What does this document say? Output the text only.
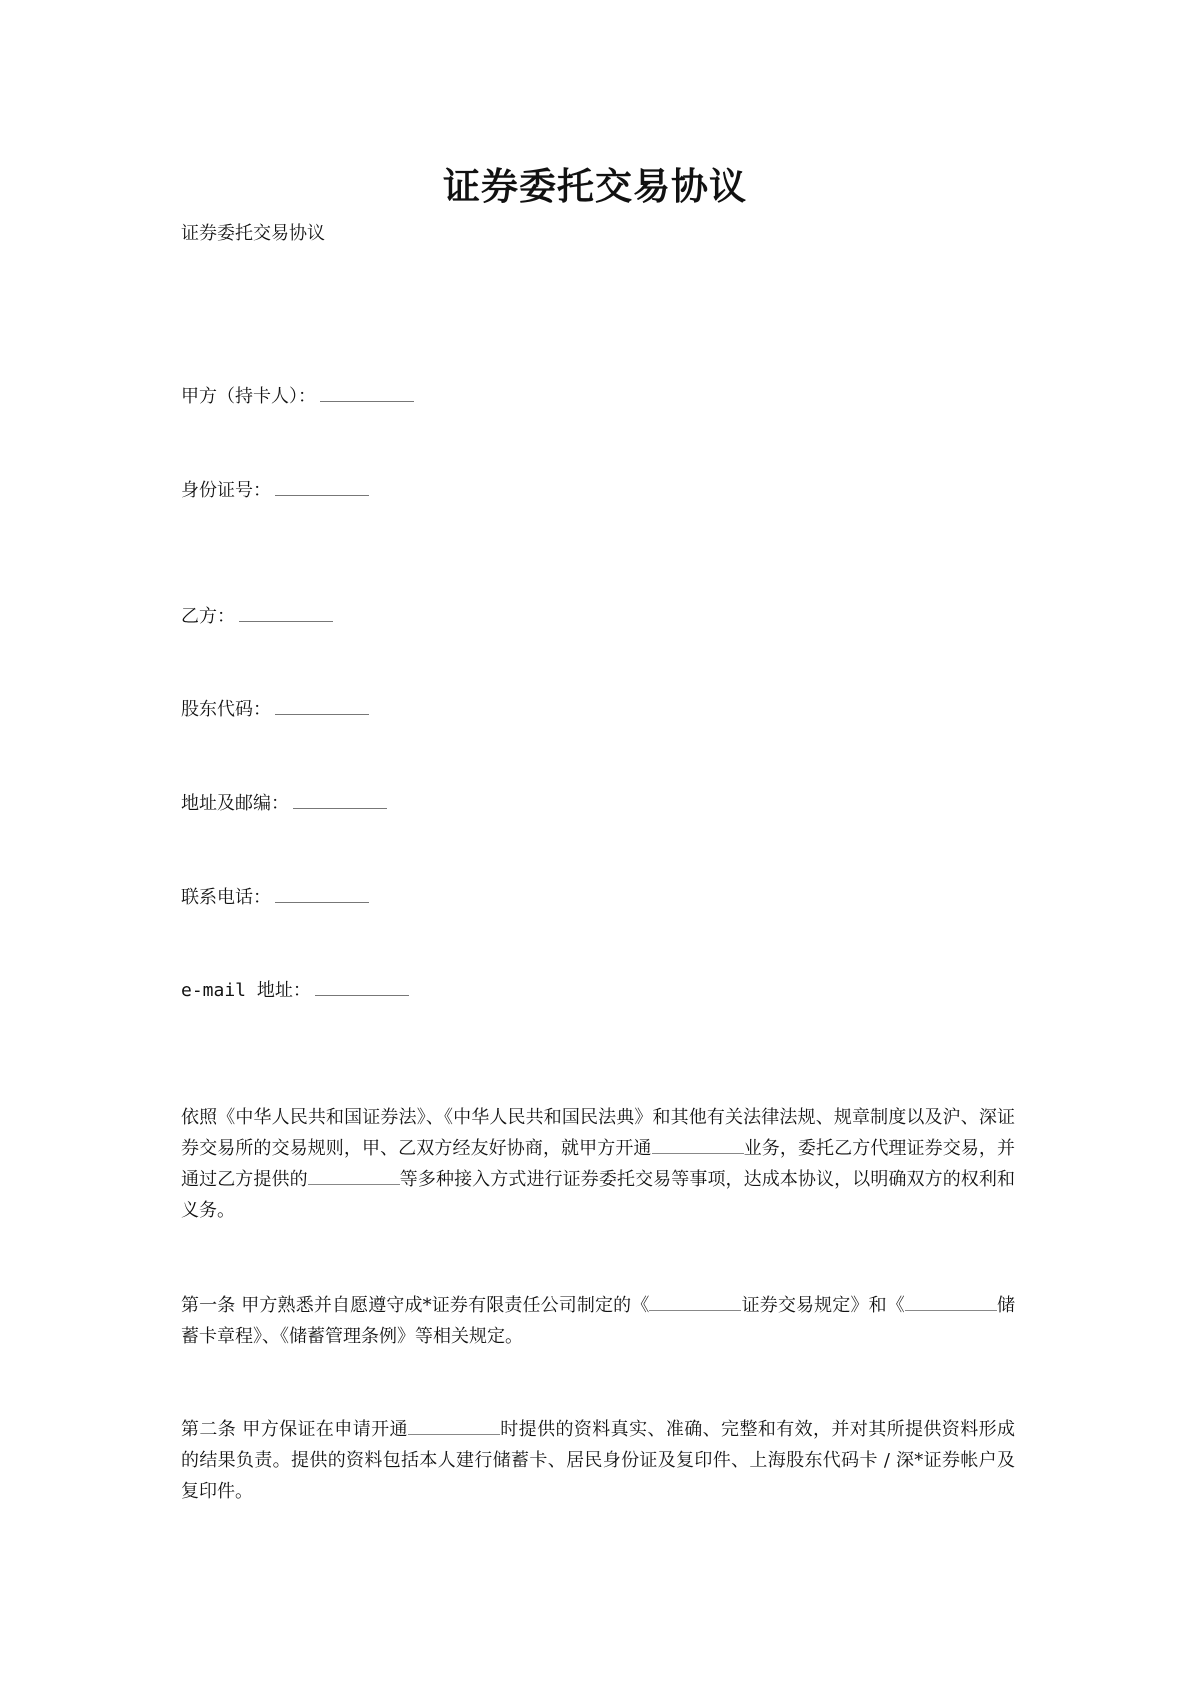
证券委托交易协议
证券委托交易协议
甲方（持卡人）：
身份证号：
乙方：
股东代码：
地址及邮编：
联系电话：
e-mail 地址：
依照《中华人民共和国证券法》、《中华人民共和国民法典》和其他有关法律法规、规章制度以及沪、深证券交易所的交易规则，甲、乙双方经友好协商，就甲方开通	业务，委托乙方代理证券交易，并通过乙方提供的	等多种接入方式进行证券委托交易等事项，达成本协议，以明确双方的权利和义务。
第一条 甲方熟悉并自愿遵守成*证券有限责任公司制定的《	证券交易规定》和《	储蓄卡章程》、《储蓄管理条例》等相关规定。
第二条 甲方保证在申请开通	时提供的资料真实、准确、完整和有效，并对其所提供资料形成的结果负责。提供的资料包括本人建行储蓄卡、居民身份证及复印件、上海股东代码卡 / 深*证券帐户及复印件。
